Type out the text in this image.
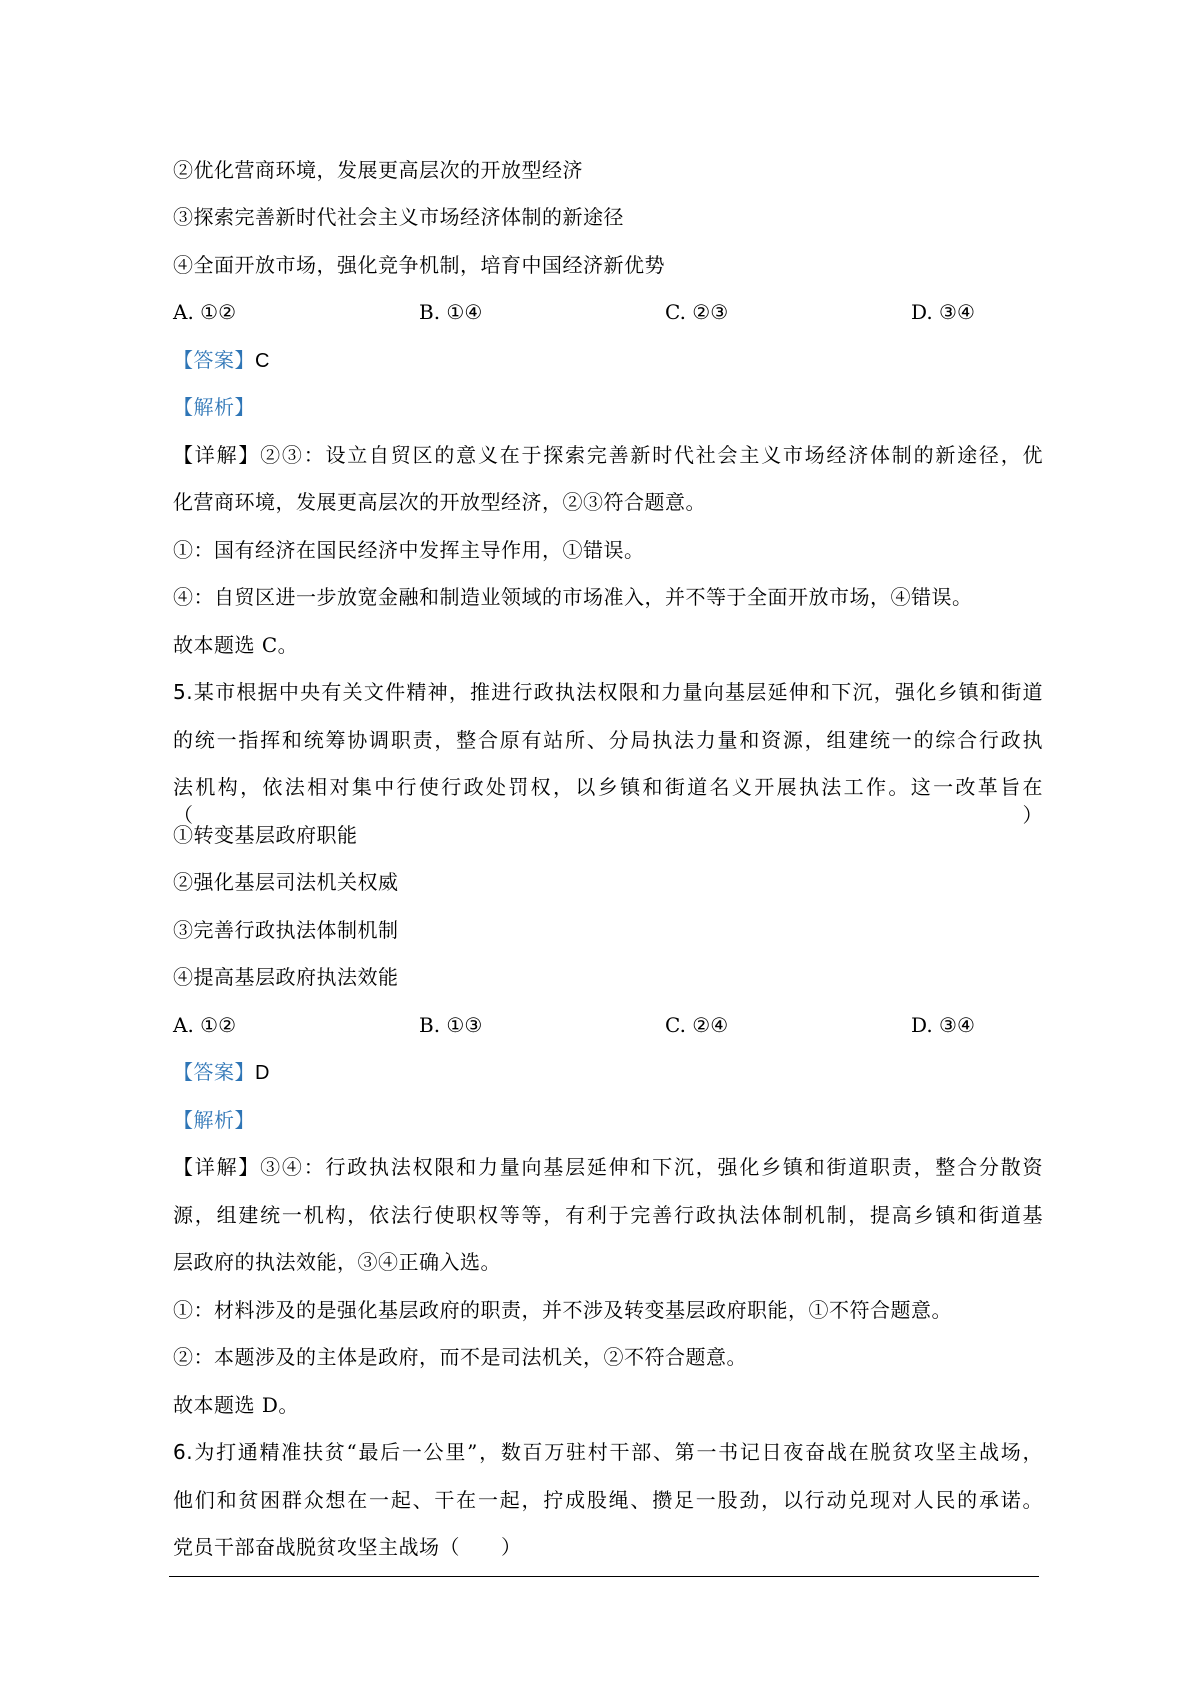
②优化营商环境，发展更高层次的开放型经济
③探索完善新时代社会主义市场经济体制的新途径
④全面开放市场，强化竞争机制，培育中国经济新优势
A. ①②	B. ①④	C. ②③	D. ③④
【答案】C
【解析】
【详解】②③：设立自贸区的意义在于探索完善新时代社会主义市场经济体制的新途径，优
化营商环境，发展更高层次的开放型经济，②③符合题意。
①：国有经济在国民经济中发挥主导作用，①错误。
④：自贸区进一步放宽金融和制造业领域的市场准入，并不等于全面开放市场，④错误。
故本题选 C。
5.某市根据中央有关文件精神，推进行政执法权限和力量向基层延伸和下沉，强化乡镇和街道
的统一指挥和统筹协调职责，整合原有站所、分局执法力量和资源，组建统一的综合行政执
法机构，依法相对集中行使行政处罚权，以乡镇和街道名义开展执法工作。这一改革旨在（　　）
①转变基层政府职能
②强化基层司法机关权威
③完善行政执法体制机制
④提高基层政府执法效能
A. ①②	B. ①③	C. ②④	D. ③④
【答案】D
【解析】
【详解】③④：行政执法权限和力量向基层延伸和下沉，强化乡镇和街道职责，整合分散资
源，组建统一机构，依法行使职权等等，有利于完善行政执法体制机制，提高乡镇和街道基
层政府的执法效能，③④正确入选。
①：材料涉及的是强化基层政府的职责，并不涉及转变基层政府职能，①不符合题意。
②：本题涉及的主体是政府，而不是司法机关，②不符合题意。
故本题选 D。
6.为打通精准扶贫“最后一公里”，数百万驻村干部、第一书记日夜奋战在脱贫攻坚主战场，
他们和贫困群众想在一起、干在一起，拧成股绳、攒足一股劲，以行动兑现对人民的承诺。
党员干部奋战脱贫攻坚主战场（　　）
